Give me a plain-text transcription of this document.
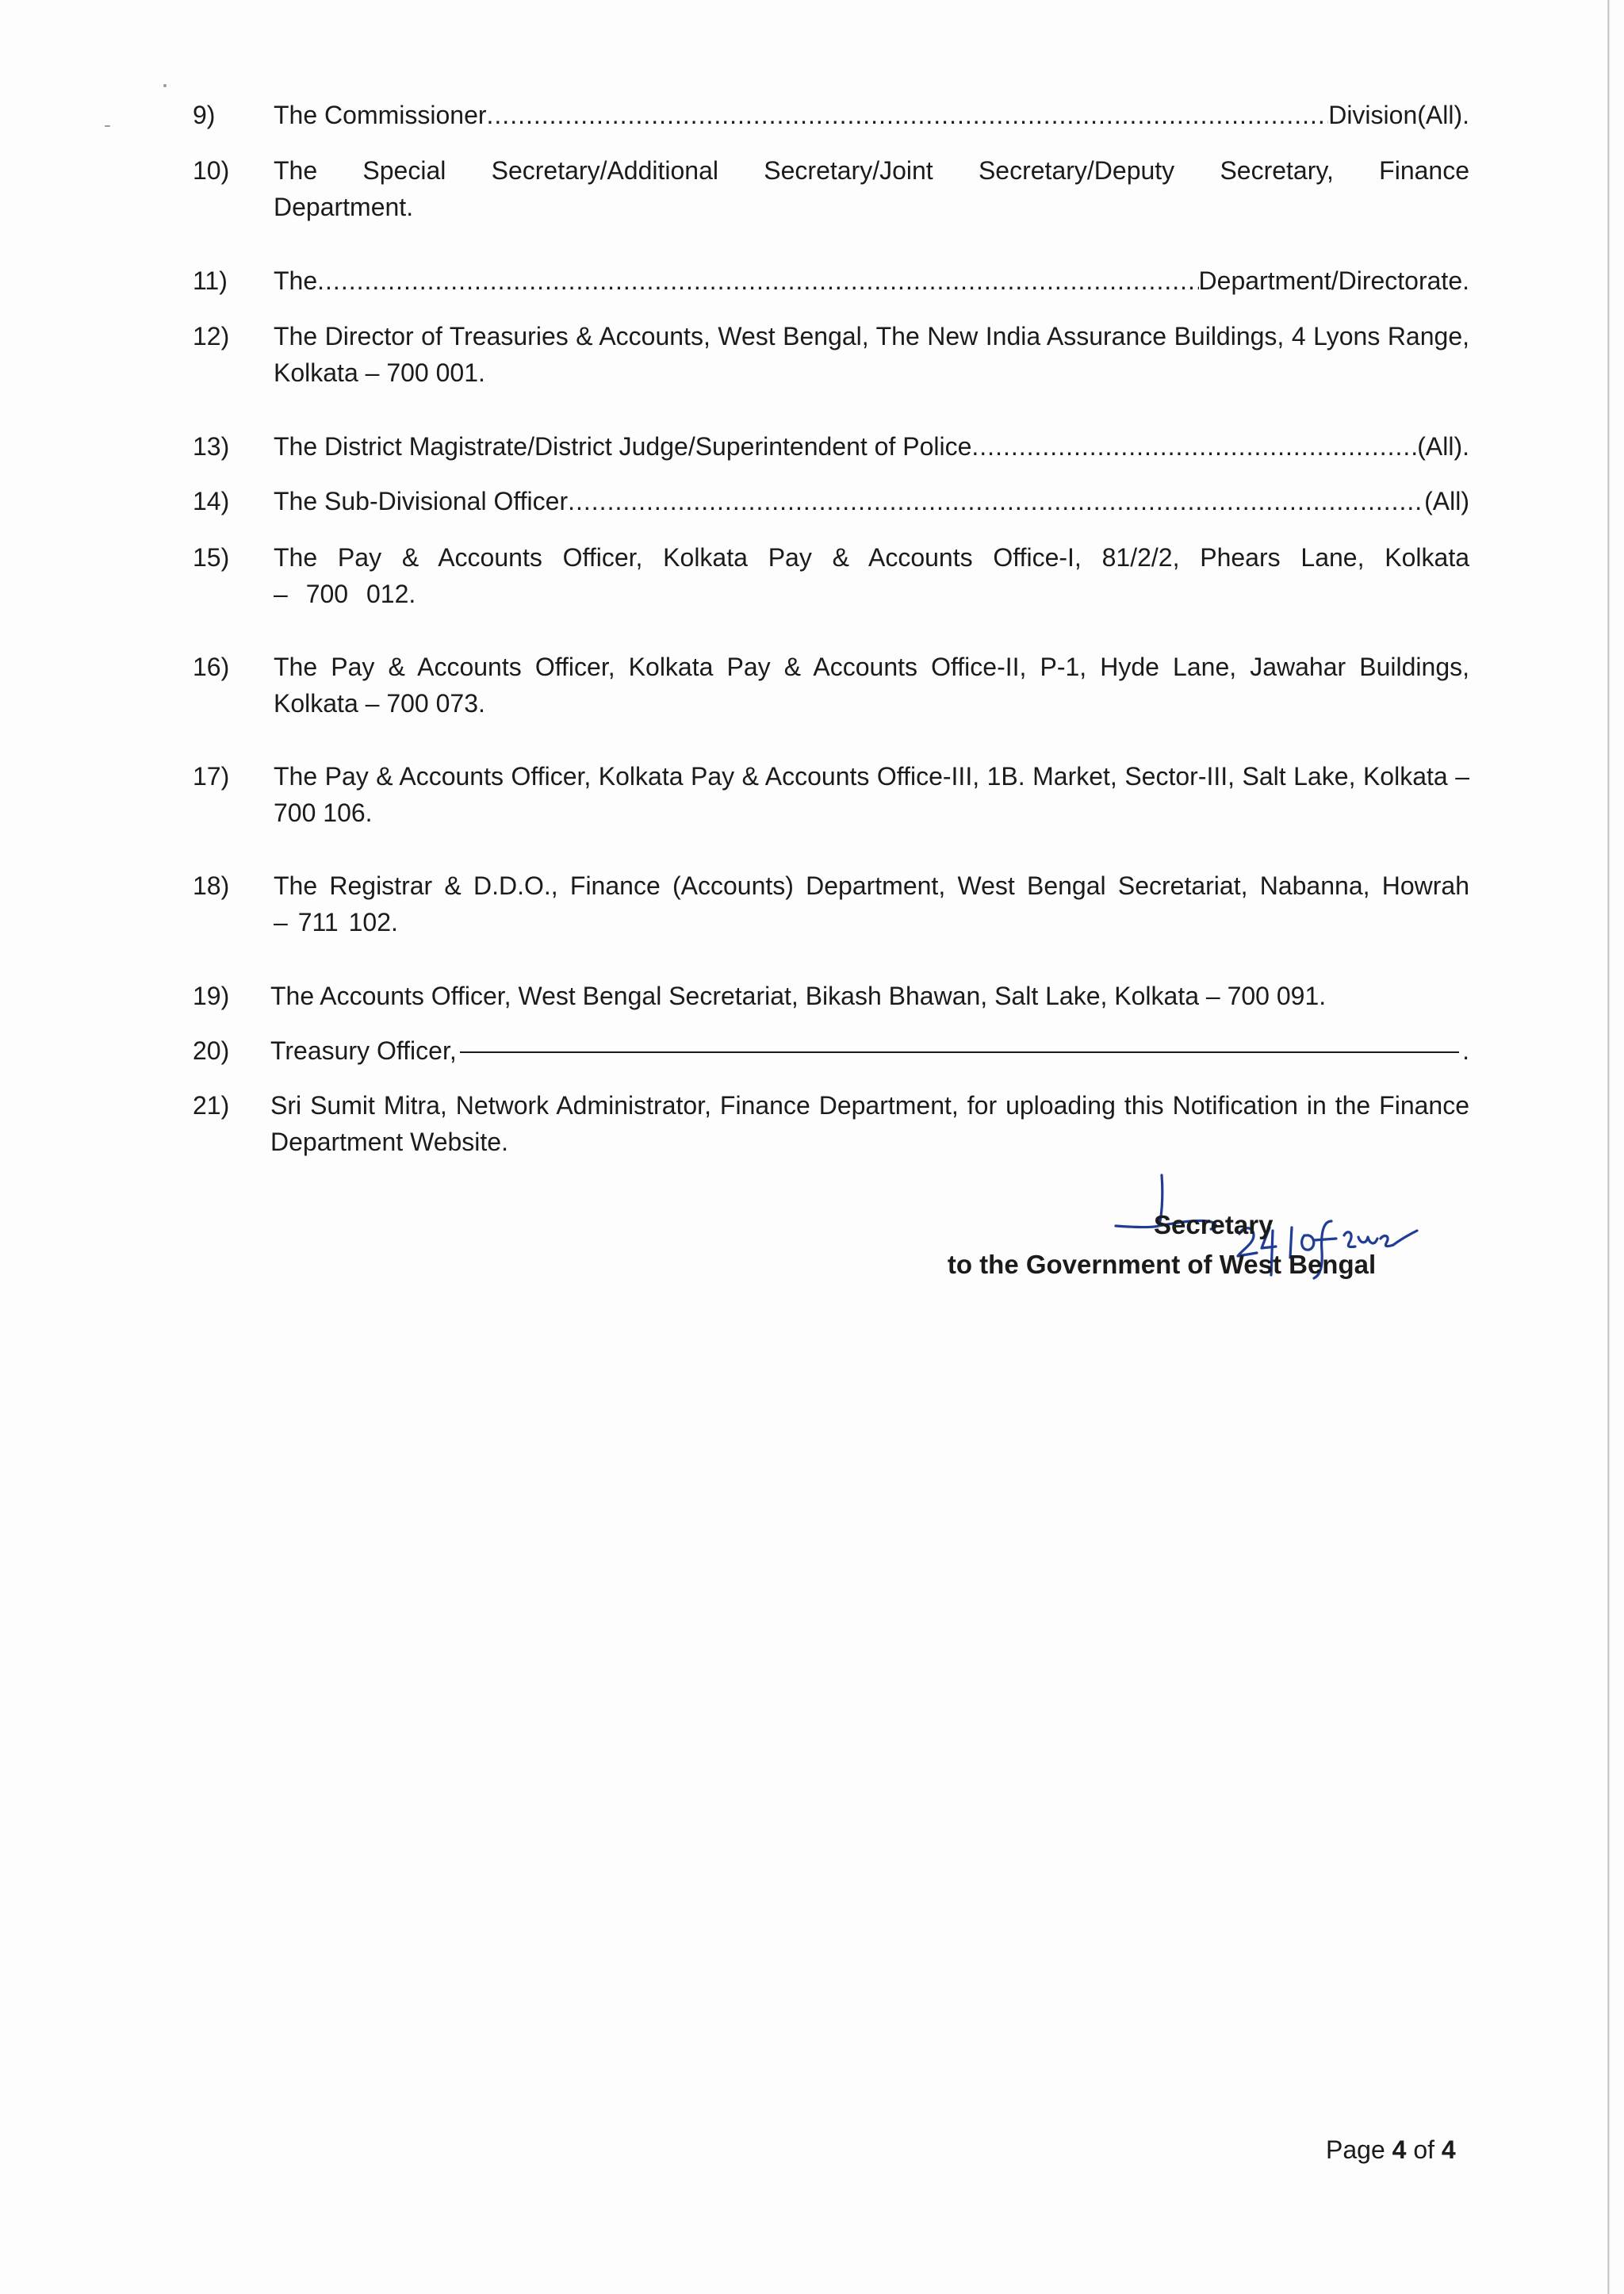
9)	The Commissioner .....	Division(All).
10)	The Special Secretary/Additional Secretary/Joint Secretary/Deputy Secretary, Finance Department.
11)	The .....	Department/Directorate.
12)	The Director of Treasuries & Accounts, West Bengal, The New India Assurance Buildings, 4 Lyons Range, Kolkata – 700 001.
13)	The District Magistrate/District Judge/Superintendent of Police .....	(All).
14)	The Sub-Divisional Officer .....	(All)
15)	The Pay & Accounts Officer, Kolkata Pay & Accounts Office-I, 81/2/2, Phears Lane, Kolkata – 700 012.
16)	The Pay & Accounts Officer, Kolkata Pay & Accounts Office-II, P-1, Hyde Lane, Jawahar Buildings, Kolkata – 700 073.
17)	The Pay & Accounts Officer, Kolkata Pay & Accounts Office-III, 1B. Market, Sector-III, Salt Lake, Kolkata – 700 106.
18)	The Registrar & D.D.O., Finance (Accounts) Department, West Bengal Secretariat, Nabanna, Howrah – 711 102.
19)	The Accounts Officer, West Bengal Secretariat, Bikash Bhawan, Salt Lake, Kolkata – 700 091.
20)	Treasury Officer,	.
21)	Sri Sumit Mitra, Network Administrator, Finance Department, for uploading this Notification in the Finance Department Website.
Secretary
to the Government of West Bengal
Page 4 of 4
